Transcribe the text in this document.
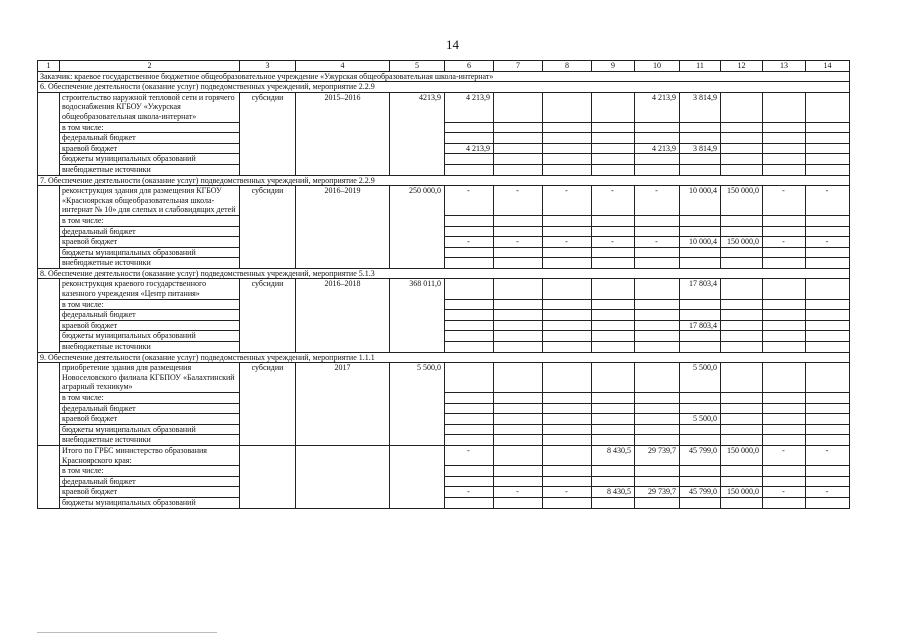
14
1	2	3	4	5	6	7	8	9	10	11	12	13	14
Заказчик: краевое государственное бюджетное общеобразовательное учреждение «Ужурская общеобразовательная школа-интернат»													
6. Обеспечение деятельности (оказание услуг) подведомственных учреждений, мероприятие 2.2.9													
	строительство наружной тепловой сети и горячего водоснабжения КГБОУ «Ужурская общеобразовательная школа-интернат»	субсидии	2015–2016	4213,9	4 213,9				4 213,9	3 814,9			
	в том числе:												
	федеральный бюджет												
	краевой бюджет				4 213,9				4 213,9	3 814,9			
	бюджеты муниципальных образований												
	внебюджетные источники												
7. Обеспечение деятельности (оказание услуг) подведомственных учреждений, мероприятие 2.2.9													
	реконструкция здания для размещения КГБОУ «Красноярская общеобразовательная школа-интернат № 10» для слепых и слабовидящих детей	субсидии	2016–2019	250 000,0	-	-	-	-	-	10 000,4	150 000,0	-	-
	в том числе:												
	федеральный бюджет												
	краевой бюджет				-	-	-	-	-	10 000,4	150 000,0	-	-
	бюджеты муниципальных образований												
	внебюджетные источники												
8. Обеспечение деятельности (оказание услуг) подведомственных учреждений, мероприятие 5.1.3													
	реконструкция краевого государственного казенного учреждения «Центр питания»	субсидии	2016–2018	368 011,0						17 803,4			
	в том числе:												
	федеральный бюджет												
	краевой бюджет									17 803,4			
	бюджеты муниципальных образований												
	внебюджетные источники												
9. Обеспечение деятельности (оказание услуг) подведомственных учреждений, мероприятие 1.1.1													
	приобретение здания для размещения Новоселовского филиала КГБПОУ «Балахтинский аграрный техникум»	субсидии	2017	5 500,0						5 500,0			
	в том числе:												
	федеральный бюджет												
	краевой бюджет									5 500,0			
	бюджеты муниципальных образований												
	внебюджетные источники												
	Итого по ГРБС министерство образования Красноярского края:				-			8 430,5	29 739,7	45 799,0	150 000,0	-	-
	в том числе:												
	федеральный бюджет												
	краевой бюджет				-	-	-	8 430,5	29 739,7	45 799,0	150 000,0	-	-
	бюджеты муниципальных образований												
